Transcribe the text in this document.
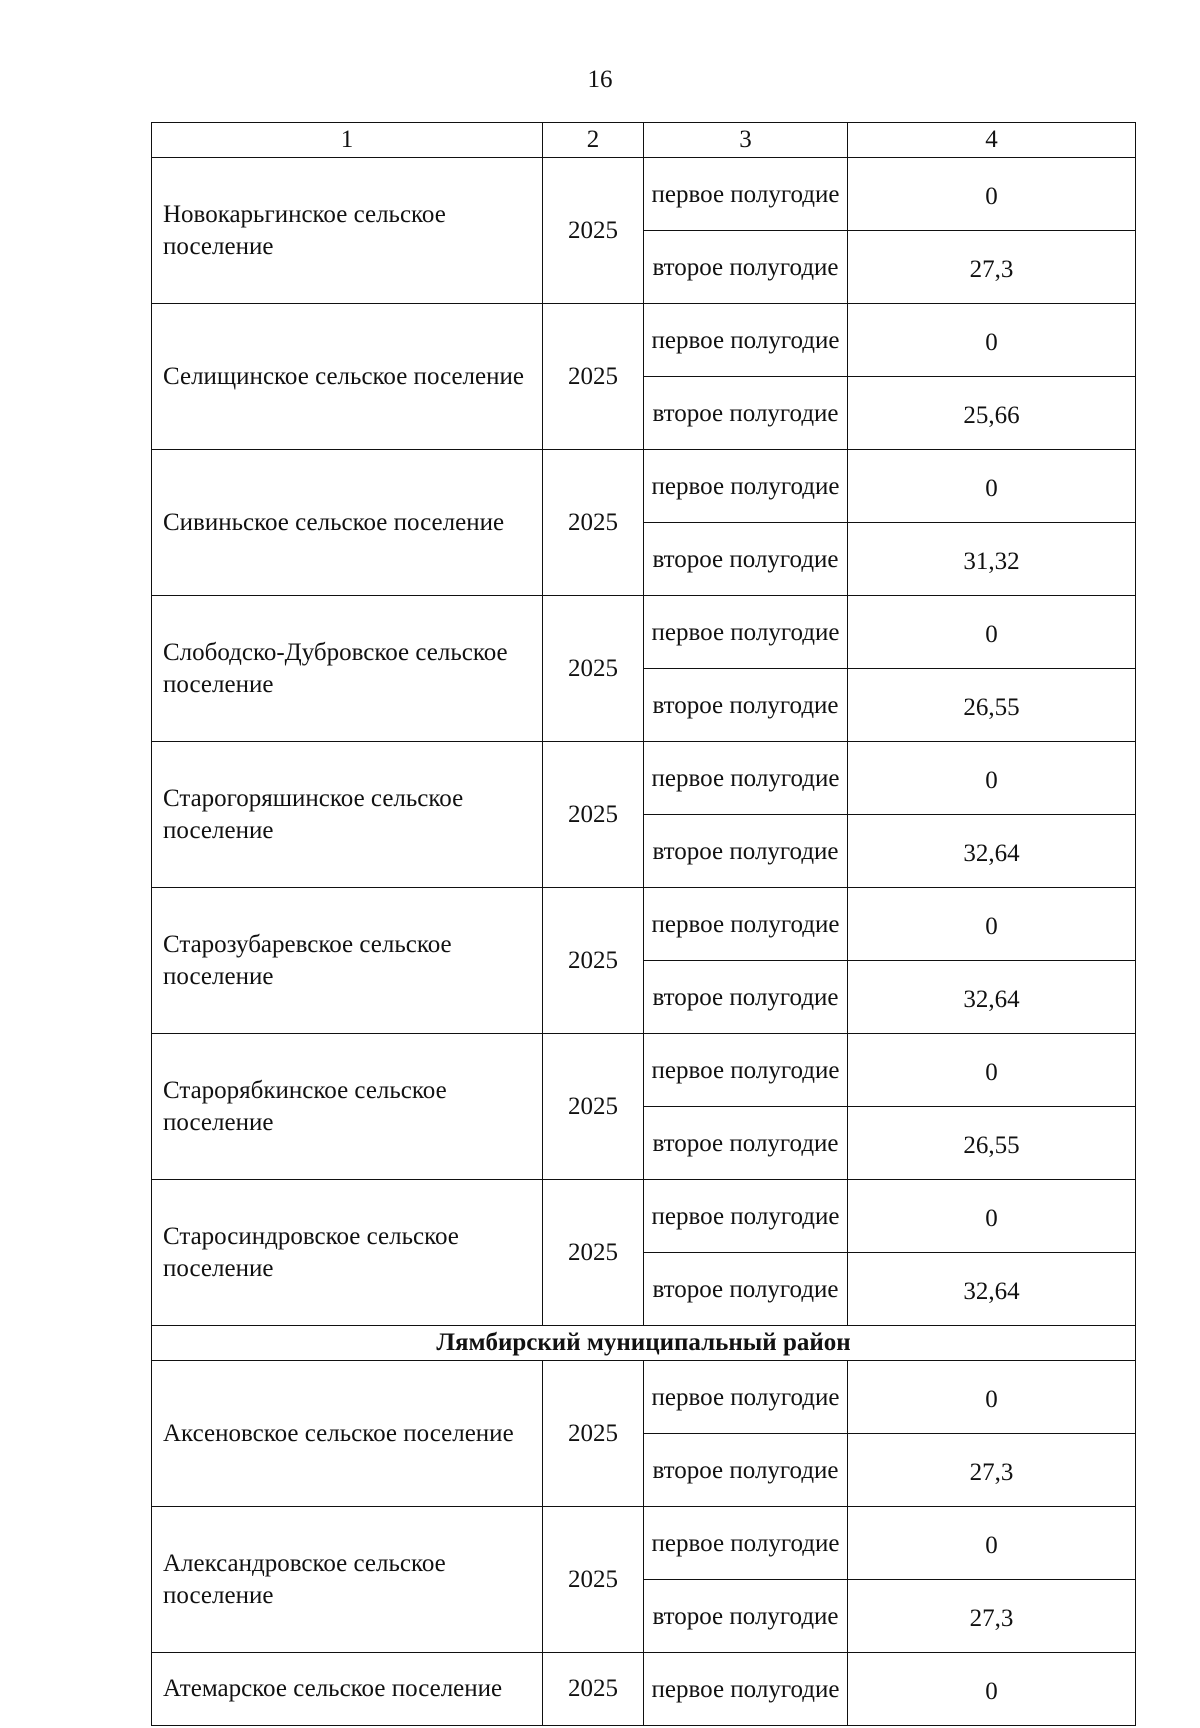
16
1	2	3	4
Новокарьгинское сельское поселение	2025	первое полугодие	0
		второе полугодие	27,3
Селищинское сельское поселение	2025	первое полугодие	0
		второе полугодие	25,66
Сивиньское сельское поселение	2025	первое полугодие	0
		второе полугодие	31,32
Слободско-Дубровское сельское поселение	2025	первое полугодие	0
		второе полугодие	26,55
Старогоряшинское сельское поселение	2025	первое полугодие	0
		второе полугодие	32,64
Старозубаревское сельское поселение	2025	первое полугодие	0
		второе полугодие	32,64
Старорябкинское сельское поселение	2025	первое полугодие	0
		второе полугодие	26,55
Старосиндровское сельское поселение	2025	первое полугодие	0
		второе полугодие	32,64
Лямбирский муниципальный район			
Аксеновское сельское поселение	2025	первое полугодие	0
		второе полугодие	27,3
Александровское сельское поселение	2025	первое полугодие	0
		второе полугодие	27,3
Атемарское сельское поселение	2025	первое полугодие	0
